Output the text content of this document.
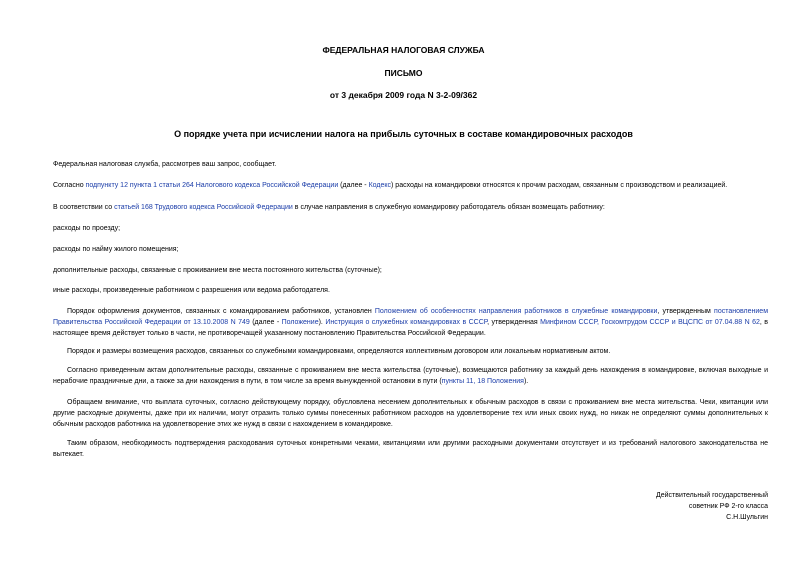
ФЕДЕРАЛЬНАЯ НАЛОГОВАЯ СЛУЖБА
ПИСЬМО
от 3 декабря 2009 года N 3-2-09/362
О порядке учета при исчислении налога на прибыль суточных в составе командировочных расходов
Федеральная налоговая служба, рассмотрев ваш запрос, сообщает.
Согласно подпункту 12 пункта 1 статьи 264 Налогового кодекса Российской Федерации (далее - Кодекс) расходы на командировки относятся к прочим расходам, связанным с производством и реализацией.
В соответствии со статьей 168 Трудового кодекса Российской Федерации в случае направления в служебную командировку работодатель обязан возмещать работнику:
расходы по проезду;
расходы по найму жилого помещения;
дополнительные расходы, связанные с проживанием вне места постоянного жительства (суточные);
иные расходы, произведенные работником с разрешения или ведома работодателя.
Порядок оформления документов, связанных с командированием работников, установлен Положением об особенностях направления работников в служебные командировки, утвержденным постановлением Правительства Российской Федерации от 13.10.2008 N 749 (далее - Положение). Инструкция о служебных командировках в СССР, утвержденная Минфином СССР, Госкомтрудом СССР и ВЦСПС от 07.04.88 N 62, в настоящее время действует только в части, не противоречащей указанному постановлению Правительства Российской Федерации.
Порядок и размеры возмещения расходов, связанных со служебными командировками, определяются коллективным договором или локальным нормативным актом.
Согласно приведенным актам дополнительные расходы, связанные с проживанием вне места жительства (суточные), возмещаются работнику за каждый день нахождения в командировке, включая выходные и нерабочие праздничные дни, а также за дни нахождения в пути, в том числе за время вынужденной остановки в пути (пункты 11, 18 Положения).
Обращаем внимание, что выплата суточных, согласно действующему порядку, обусловлена несением дополнительных к обычным расходов в связи с проживанием вне места жительства. Чеки, квитанции или другие расходные документы, даже при их наличии, могут отразить только суммы понесенных работником расходов на удовлетворение тех или иных своих нужд, но никак не определяют суммы дополнительных к обычным расходов работника на удовлетворение этих же нужд в связи с нахождением в командировке.
Таким образом, необходимость подтверждения расходования суточных конкретными чеками, квитанциями или другими расходными документами отсутствует и из требований налогового законодательства не вытекает.
Действительный государственный
советник РФ 2-го класса
С.Н.Шульгин
